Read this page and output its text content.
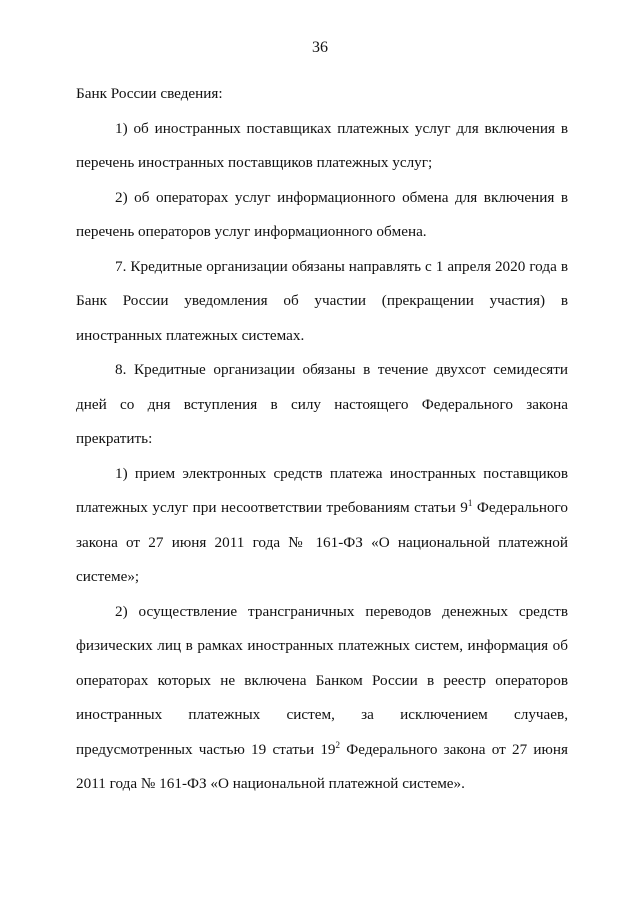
36

Банк России сведения:

1) об иностранных поставщиках платежных услуг для включения в перечень иностранных поставщиков платежных услуг;

2) об операторах услуг информационного обмена для включения в перечень операторов услуг информационного обмена.

7. Кредитные организации обязаны направлять с 1 апреля 2020 года в Банк России уведомления об участии (прекращении участия) в иностранных платежных системах.

8. Кредитные организации обязаны в течение двухсот семидесяти дней со дня вступления в силу настоящего Федерального закона прекратить:

1) прием электронных средств платежа иностранных поставщиков платежных услуг при несоответствии требованиям статьи $9^1$ Федерального закона от 27 июня 2011 года № 161-ФЗ «О национальной платежной системе»;

2) осуществление трансграничных переводов денежных средств физических лиц в рамках иностранных платежных систем, информация об операторах которых не включена Банком России в реестр операторов иностранных платежных систем, за исключением случаев, предусмотренных частью 19 статьи $19^2$ Федерального закона от 27 июня 2011 года № 161-ФЗ «О национальной платежной системе».
